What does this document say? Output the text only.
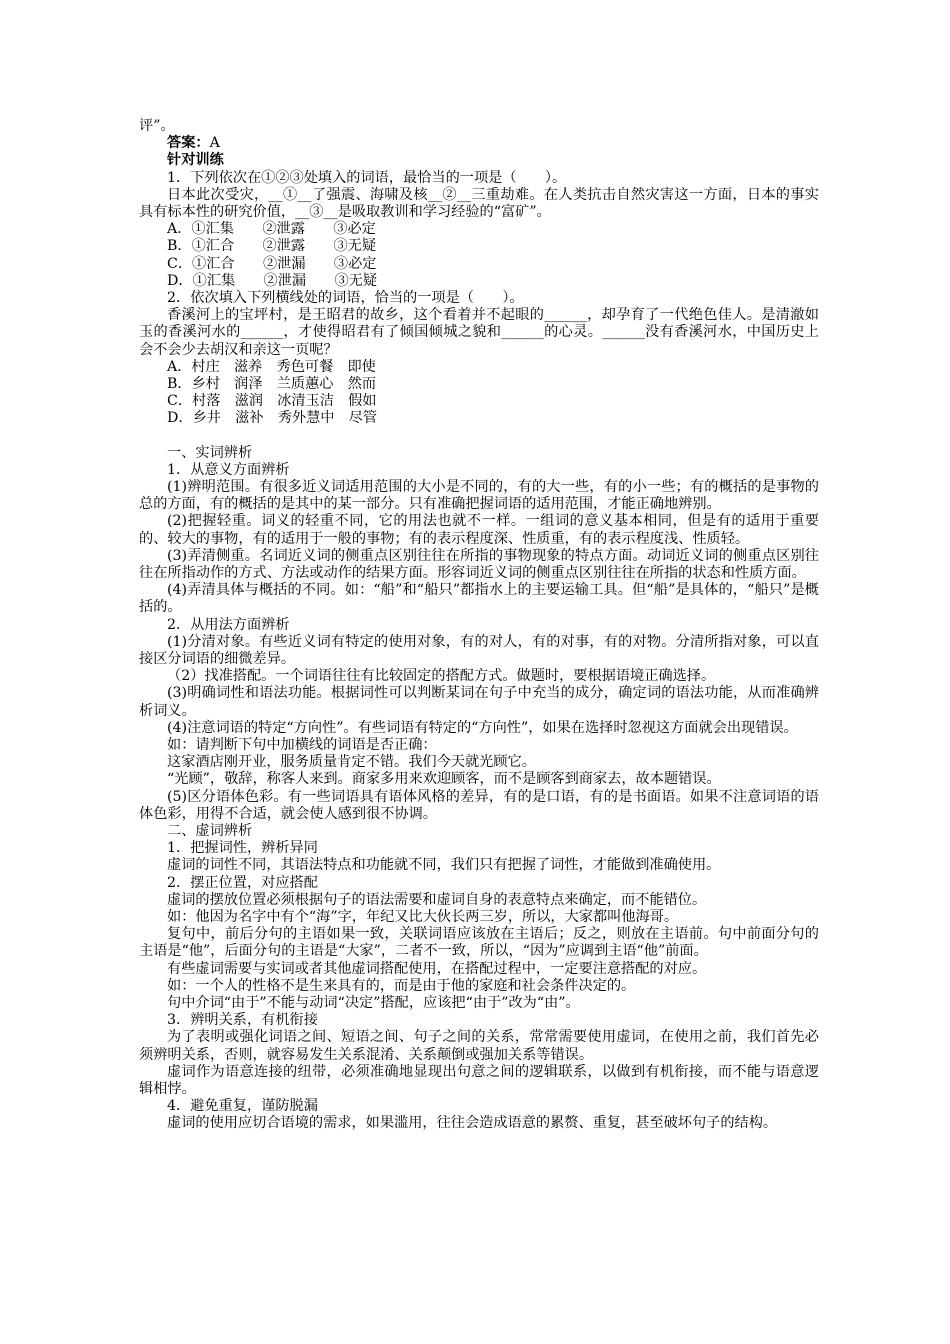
评”。
答案：A
针对训练
1．下列依次在①②③处填入的词语，最恰当的一项是（　　）。

日本此次受灾，__①__了强震、海啸及核__②__三重劫难。在人类抗击自然灾害这一方面，日本的事实具有标本性的研究价值，__③__是吸取教训和学习经验的“富矿”。

A．①汇集　　②泄露　　③必定
B．①汇合　　②泄露　　③无疑
C．①汇合　　②泄漏　　③必定
D．①汇集　　②泄漏　　③无疑
2．依次填入下列横线处的词语，恰当的一项是（　　）。

香溪河上的宝坪村，是王昭君的故乡，这个看着并不起眼的______，却孕育了一代绝色佳人。是清澈如玉的香溪河水的______，才使得昭君有了倾国倾城之貌和______的心灵。______没有香溪河水，中国历史上会不会少去胡汉和亲这一页呢？

A．村庄　滋养　秀色可餐　即使
B．乡村　润泽　兰质蕙心　然而
C．村落　滋润　冰清玉洁　假如
D．乡井　滋补　秀外慧中　尽管
一、实词辨析
1．从意义方面辨析

(1)辨明范围。有很多近义词适用范围的大小是不同的，有的大一些，有的小一些；有的概括的是事物的总的方面，有的概括的是其中的某一部分。只有准确把握词语的适用范围，才能正确地辨别。

(2)把握轻重。词义的轻重不同，它的用法也就不一样。一组词的意义基本相同，但是有的适用于重要的、较大的事物，有的适用于一般的事物；有的表示程度深、性质重，有的表示程度浅、性质轻。

(3)弄清侧重。名词近义词的侧重点区别往往在所指的事物现象的特点方面。动词近义词的侧重点区别往往在所指动作的方式、方法或动作的结果方面。形容词近义词的侧重点区别往往在所指的状态和性质方面。

(4)弄清具体与概括的不同。如：“船”和“船只”都指水上的主要运输工具。但“船”是具体的，“船只”是概括的。

2．从用法方面辨析

(1)分清对象。有些近义词有特定的使用对象，有的对人，有的对事，有的对物。分清所指对象，可以直接区分词语的细微差异。

（2）找准搭配。一个词语往往有比较固定的搭配方式。做题时，要根据语境正确选择。

(3)明确词性和语法功能。根据词性可以判断某词在句子中充当的成分，确定词的语法功能，从而准确辨析词义。

(4)注意词语的特定“方向性”。有些词语有特定的“方向性”，如果在选择时忽视这方面就会出现错误。

如：请判断下句中加横线的词语是否正确：

这家酒店刚开业，服务质量肯定不错。我们今天就光顾它。

“光顾”，敬辞，称客人来到。商家多用来欢迎顾客，而不是顾客到商家去，故本题错误。

(5)区分语体色彩。有一些词语具有语体风格的差异，有的是口语，有的是书面语。如果不注意词语的语体色彩，用得不合适，就会使人感到很不协调。

二、虚词辨析
1．把握词性，辨析异同

虚词的词性不同，其语法特点和功能就不同，我们只有把握了词性，才能做到准确使用。

2．摆正位置，对应搭配

虚词的摆放位置必须根据句子的语法需要和虚词自身的表意特点来确定，而不能错位。

如：他因为名字中有个“海”字，年纪又比大伙长两三岁，所以，大家都叫他海哥。

复句中，前后分句的主语如果一致，关联词语应该放在主语后；反之，则放在主语前。句中前面分句的主语是“他”，后面分句的主语是“大家”，二者不一致，所以，“因为”应调到主语“他”前面。

有些虚词需要与实词或者其他虚词搭配使用，在搭配过程中，一定要注意搭配的对应。

如：一个人的性格不是生来具有的，而是由于他的家庭和社会条件决定的。

句中介词“由于”不能与动词“决定”搭配，应该把“由于”改为“由”。

3．辨明关系，有机衔接

为了表明或强化词语之间、短语之间、句子之间的关系，常常需要使用虚词，在使用之前，我们首先必须辨明关系，否则，就容易发生关系混淆、关系颠倒或强加关系等错误。

虚词作为语意连接的纽带，必须准确地显现出句意之间的逻辑联系，以做到有机衔接，而不能与语意逻辑相悖。

4．避免重复，谨防脱漏

虚词的使用应切合语境的需求，如果滥用，往往会造成语意的累赘、重复，甚至破坏句子的结构。
